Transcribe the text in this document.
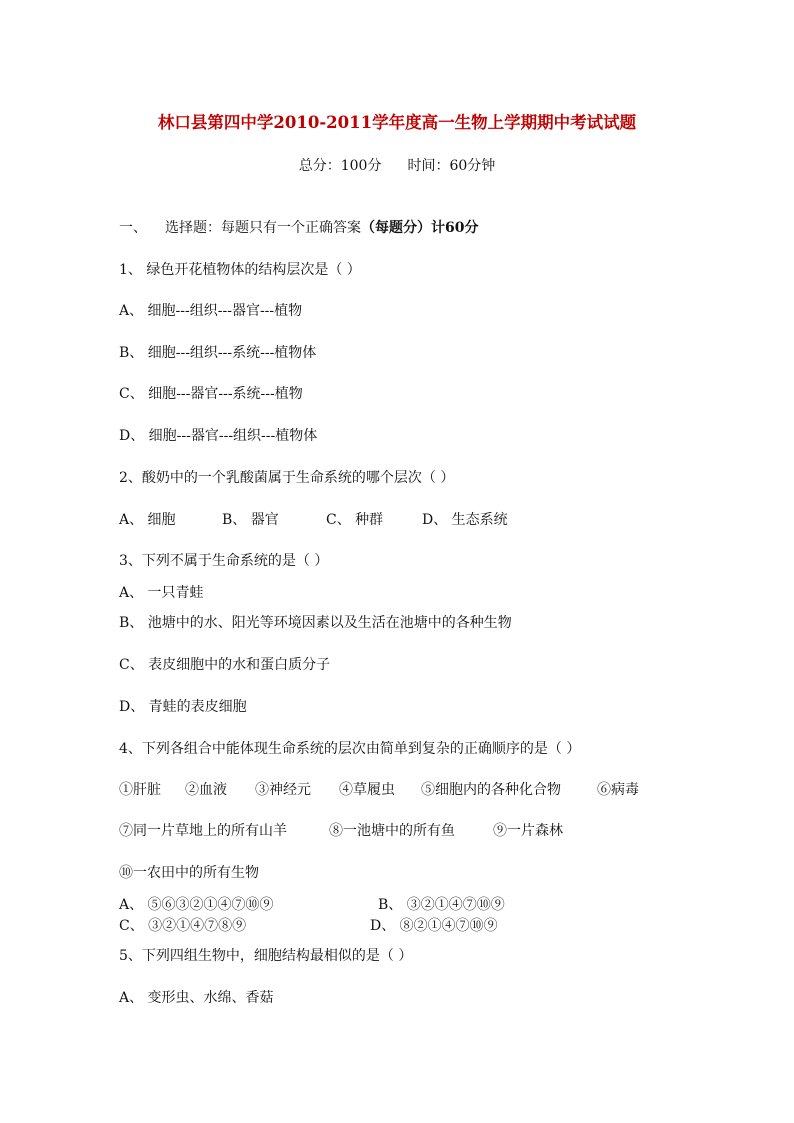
林口县第四中学2010-2011学年度高一生物上学期期中考试试题
总分：100分 时间：60分钟
一、 选择题：每题只有一个正确答案（每题分）计60分
1、 绿色开花植物体的结构层次是（ ）
A、 细胞---组织---器官---植物
B、 细胞---组织---系统---植物体
C、 细胞---器官---系统---植物
D、 细胞---器官---组织---植物体
2、酸奶中的一个乳酸菌属于生命系统的哪个层次（ ）
A、 细胞	B、 器官	C、 种群	D、 生态系统
3、下列不属于生命系统的是（ ）
A、 一只青蛙
B、 池塘中的水、阳光等环境因素以及生活在池塘中的各种生物
C、 表皮细胞中的水和蛋白质分子
D、 青蛙的表皮细胞
4、下列各组合中能体现生命系统的层次由简单到复杂的正确顺序的是（ ）
①肝脏 ②血液 ③神经元 ④草履虫 ⑤细胞内的各种化合物	⑥病毒
⑦同一片草地上的所有山羊	⑧一池塘中的所有鱼	⑨一片森林
⑩一农田中的所有生物
A、 ⑤⑥③②①④⑦⑩⑨	B、 ③②①④⑦⑩⑨
C、 ③②①④⑦⑧⑨	D、 ⑧②①④⑦⑩⑨
5、下列四组生物中，细胞结构最相似的是（ ）
A、 变形虫、水绵、香菇
